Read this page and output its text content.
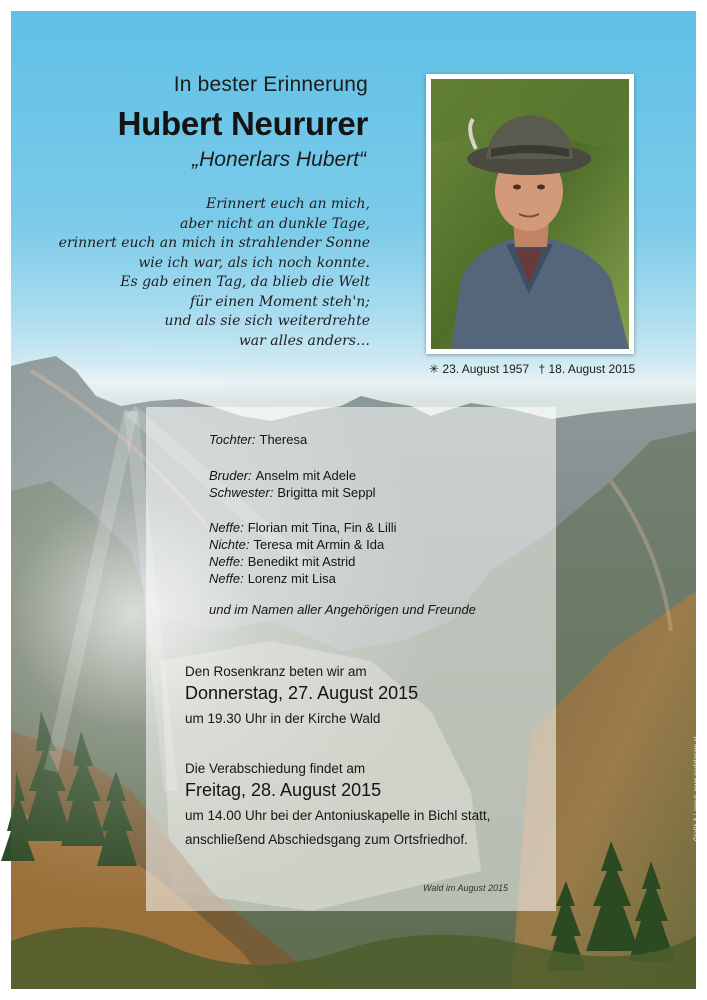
In bester Erinnerung
Hubert Neururer
„Honerlars Hubert“
Erinnert euch an mich,
aber nicht an dunkle Tage,
erinnert euch an mich in strahlender Sonne
wie ich war, als ich noch konnte.
Es gab einen Tag, da blieb die Welt
für einen Moment steh'n;
und als sie sich weiterdrehte
war alles anders…
✳ 23. August 1957 † 18. August 2015
Tochter: Theresa
Bruder: Anselm mit Adele
Schwester: Brigitta mit Seppl
Neffe: Florian mit Tina, Fin & Lilli
Nichte: Teresa mit Armin & Ida
Neffe: Benedikt mit Astrid
Neffe: Lorenz mit Lisa
und im Namen aller Angehörigen und Freunde
Den Rosenkranz beten wir am
Donnerstag, 27. August 2015
um 19.30 Uhr in der Kirche Wald
Die Verabschiedung findet am
Freitag, 28. August 2015
um 14.00 Uhr bei der Antoniuskapelle in Bichl statt,
anschließend Abschiedsgang zum Ortsfriedhof.
Wald im August 2015
Grafik & Layout: www.pedidesign.at
